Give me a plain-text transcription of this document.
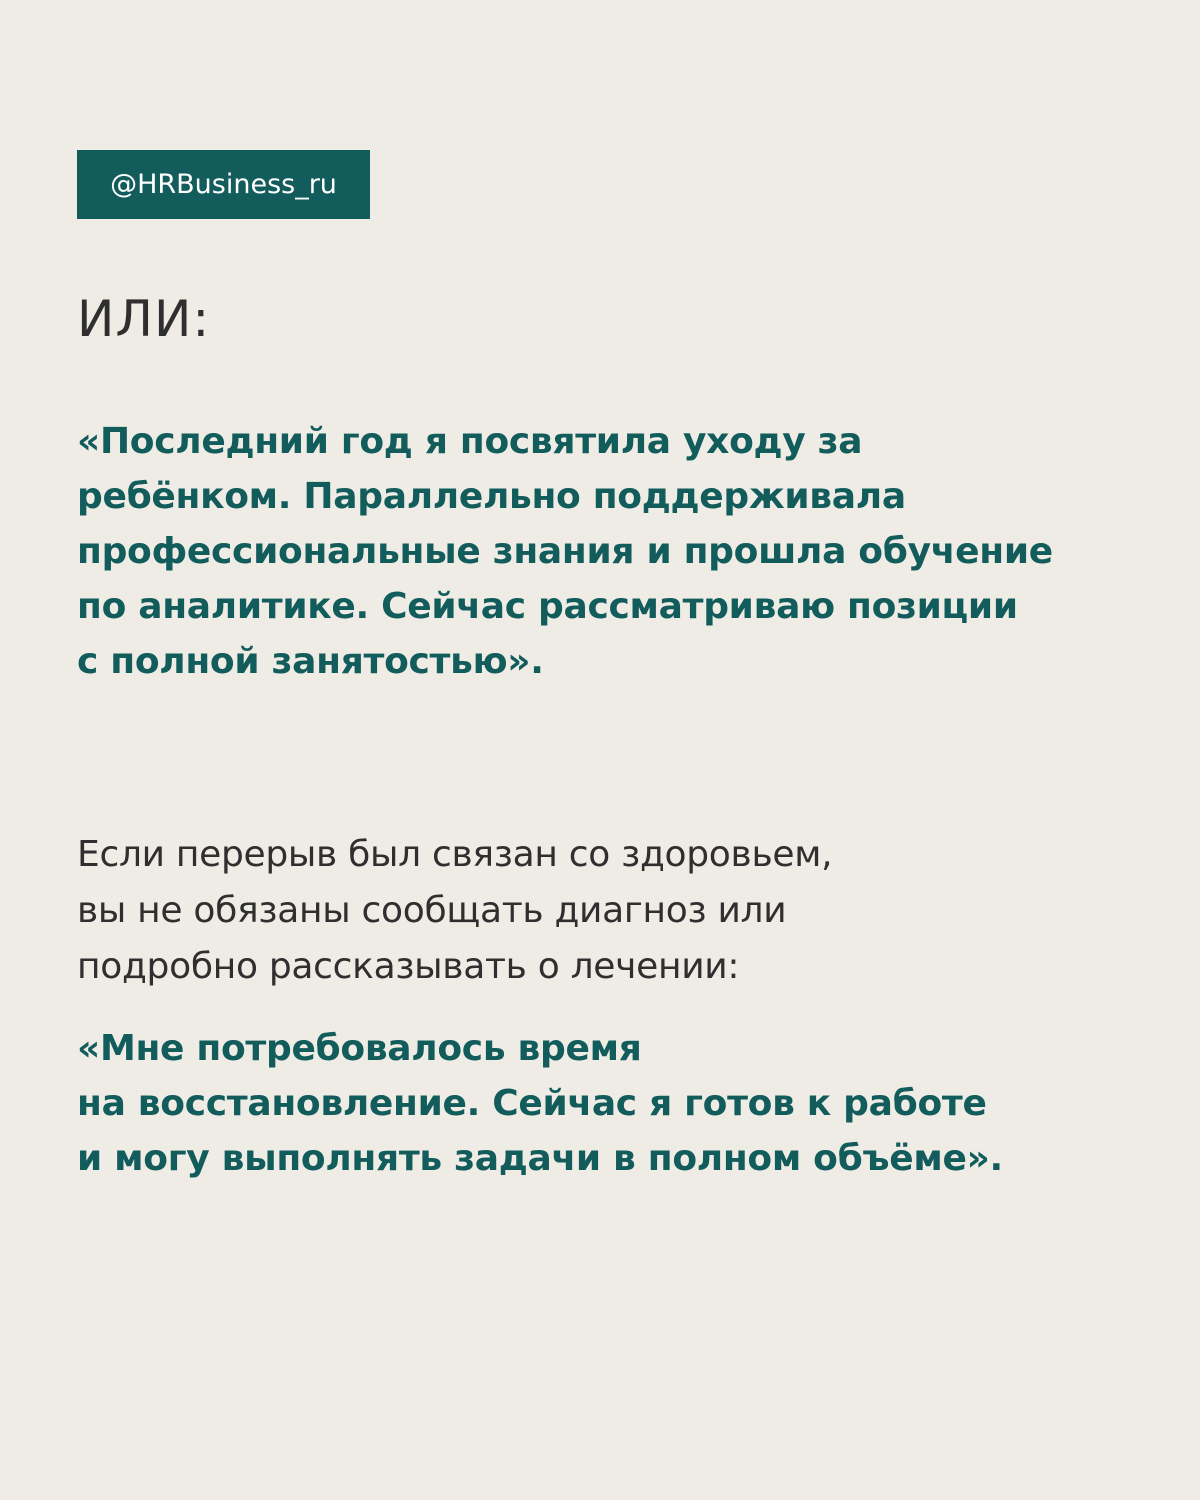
@HRBusiness_ru
ИЛИ:

«Последний год я посвятила уходу за
ребёнком. Параллельно поддерживала
профессиональные знания и прошла обучение
по аналитике. Сейчас рассматриваю позиции
с полной занятостью».

Если перерыв был связан со здоровьем,
вы не обязаны сообщать диагноз или
подробно рассказывать о лечении:

«Мне потребовалось время
на восстановление. Сейчас я готов к работе
и могу выполнять задачи в полном объёме».
